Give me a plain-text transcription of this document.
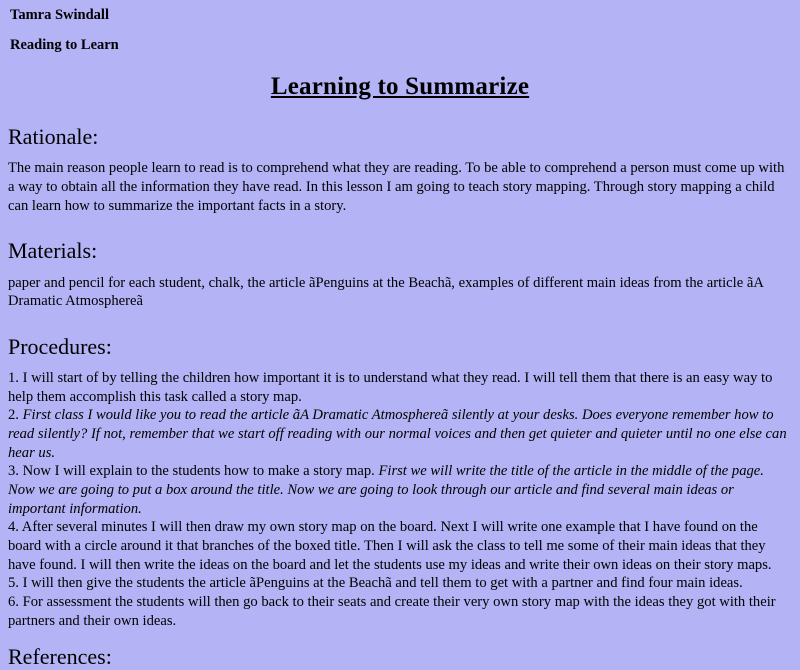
Tamra Swindall
Reading to Learn
Learning to Summarize
Rationale:

The main reason people learn to read is to comprehend what they are reading. To be able to comprehend a person must come up with a way to obtain all the information they have read. In this lesson I am going to teach story mapping. Through story mapping a child can learn how to summarize the important facts in a story.

Materials:

paper and pencil for each student, chalk, the article ãPenguins at the Beachã, examples of different main ideas from the article ãA Dramatic Atmosphereã

Procedures:

1. I will start of by telling the children how important it is to understand what they read. I will tell them that there is an easy way to help them accomplish this task called a story map.

2. First class I would like you to read the article ãA Dramatic Atmosphereã silently at your desks. Does everyone remember how to read silently? If not, remember that we start off reading with our normal voices and then get quieter and quieter until no one else can hear us.

3. Now I will explain to the students how to make a story map. First we will write the title of the article in the middle of the page. Now we are going to put a box around the title. Now we are going to look through our article and find several main ideas or important information.

4. After several minutes I will then draw my own story map on the board. Next I will write one example that I have found on the board with a circle around it that branches of the boxed title. Then I will ask the class to tell me some of their main ideas that they have found. I will then write the ideas on the board and let the students use my ideas and write their own ideas on their story maps.

5. I will then give the students the article ãPenguins at the Beachã and tell them to get with a partner and find four main ideas.

6. For assessment the students will then go back to their seats and create their very own story map with the ideas they got with their partners and their own ideas.

References:
